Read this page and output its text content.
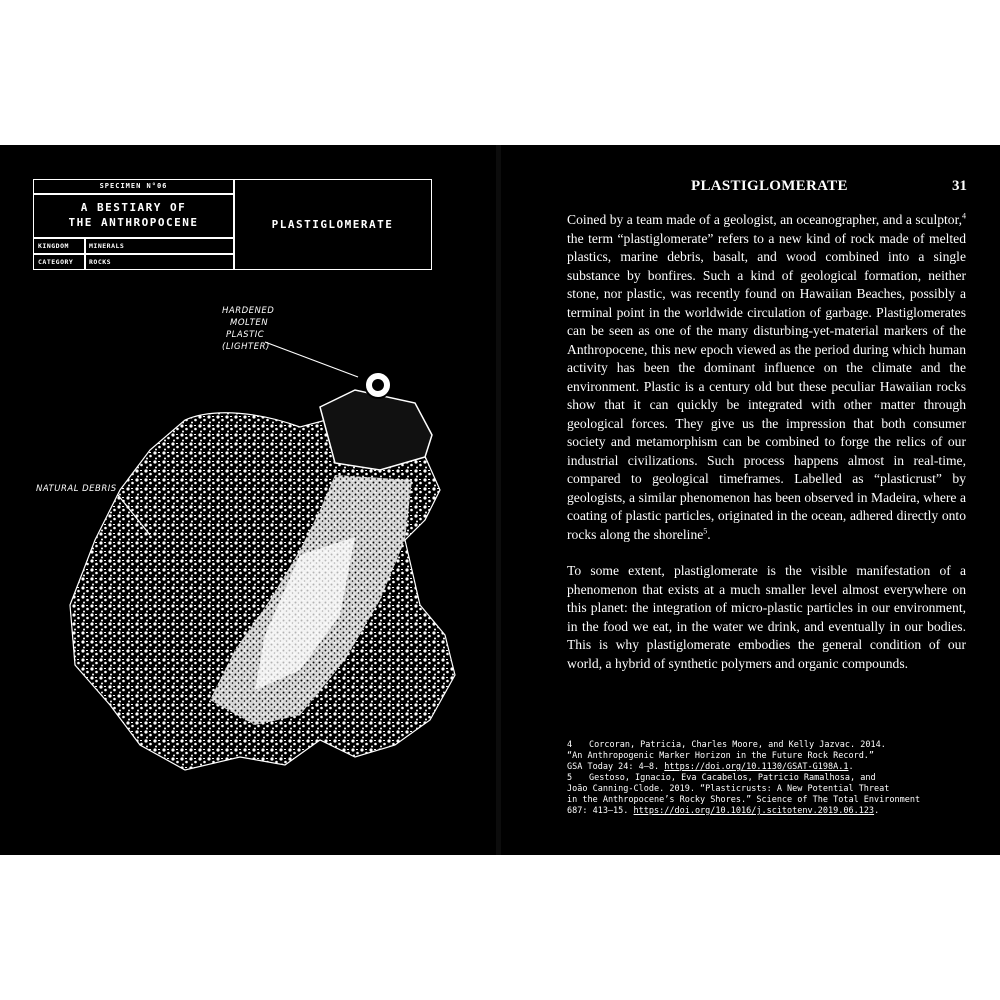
SPECIMEN N°06
A BESTIARY OF
THE ANTHROPOCENE
KINGDOM	MINERALS
CATEGORY ROCKS
PLASTIGLOMERATE
HARDENED
MOLTEN
PLASTIC
(LIGHTER)
NATURAL DEBRIS
PLASTIGLOMERATE	31

Coined by a team made of a geologist, an oceanographer, and a sculptor,$^4$ the term “plastiglomerate” refers to a new kind of rock made of melted plastics, marine debris, basalt, and wood combined into a single substance by bonfires. Such a kind of geological formation, neither stone, nor plastic, was recently found on Hawaiian Beaches, possibly a terminal point in the worldwide circulation of garbage. Plastiglomerates can be seen as one of the many disturbing-yet-material markers of the Anthropocene, this new epoch viewed as the period during which human activity has been the dominant influence on the climate and the environment. Plastic is a century old but these peculiar Hawaiian rocks show that it can quickly be integrated with other matter through geological forces. They give us the impression that both consumer society and metamorphism can be combined to forge the relics of our industrial civilizations. Such process happens almost in real-time, compared to geological timeframes. Labelled as “plasticrust” by geologists, a similar phenomenon has been observed in Madeira, where a coating of plastic particles, originated in the ocean, adhered directly onto rocks along the shoreline$^5$.

To some extent, plastiglomerate is the visible manifestation of a phenomenon that exists at a much smaller level almost everywhere on this planet: the integration of micro-plastic particles in our environment, in the food we eat, in the water we drink, and eventually in our bodies. This is why plastiglomerate embodies the general condition of our world, a hybrid of synthetic polymers and organic compounds.

4 Corcoran, Patricia, Charles Moore, and Kelly Jazvac. 2014.
“An Anthropogenic Marker Horizon in the Future Rock Record.”
GSA Today 24: 4–8. https://doi.org/10.1130/GSAT-G198A.1.
5 Gestoso, Ignacio, Eva Cacabelos, Patricio Ramalhosa, and
João Canning-Clode. 2019. “Plasticrusts: A New Potential Threat
in the Anthropocene’s Rocky Shores.” Science of The Total Environment
687: 413–15. https://doi.org/10.1016/j.scitotenv.2019.06.123.
